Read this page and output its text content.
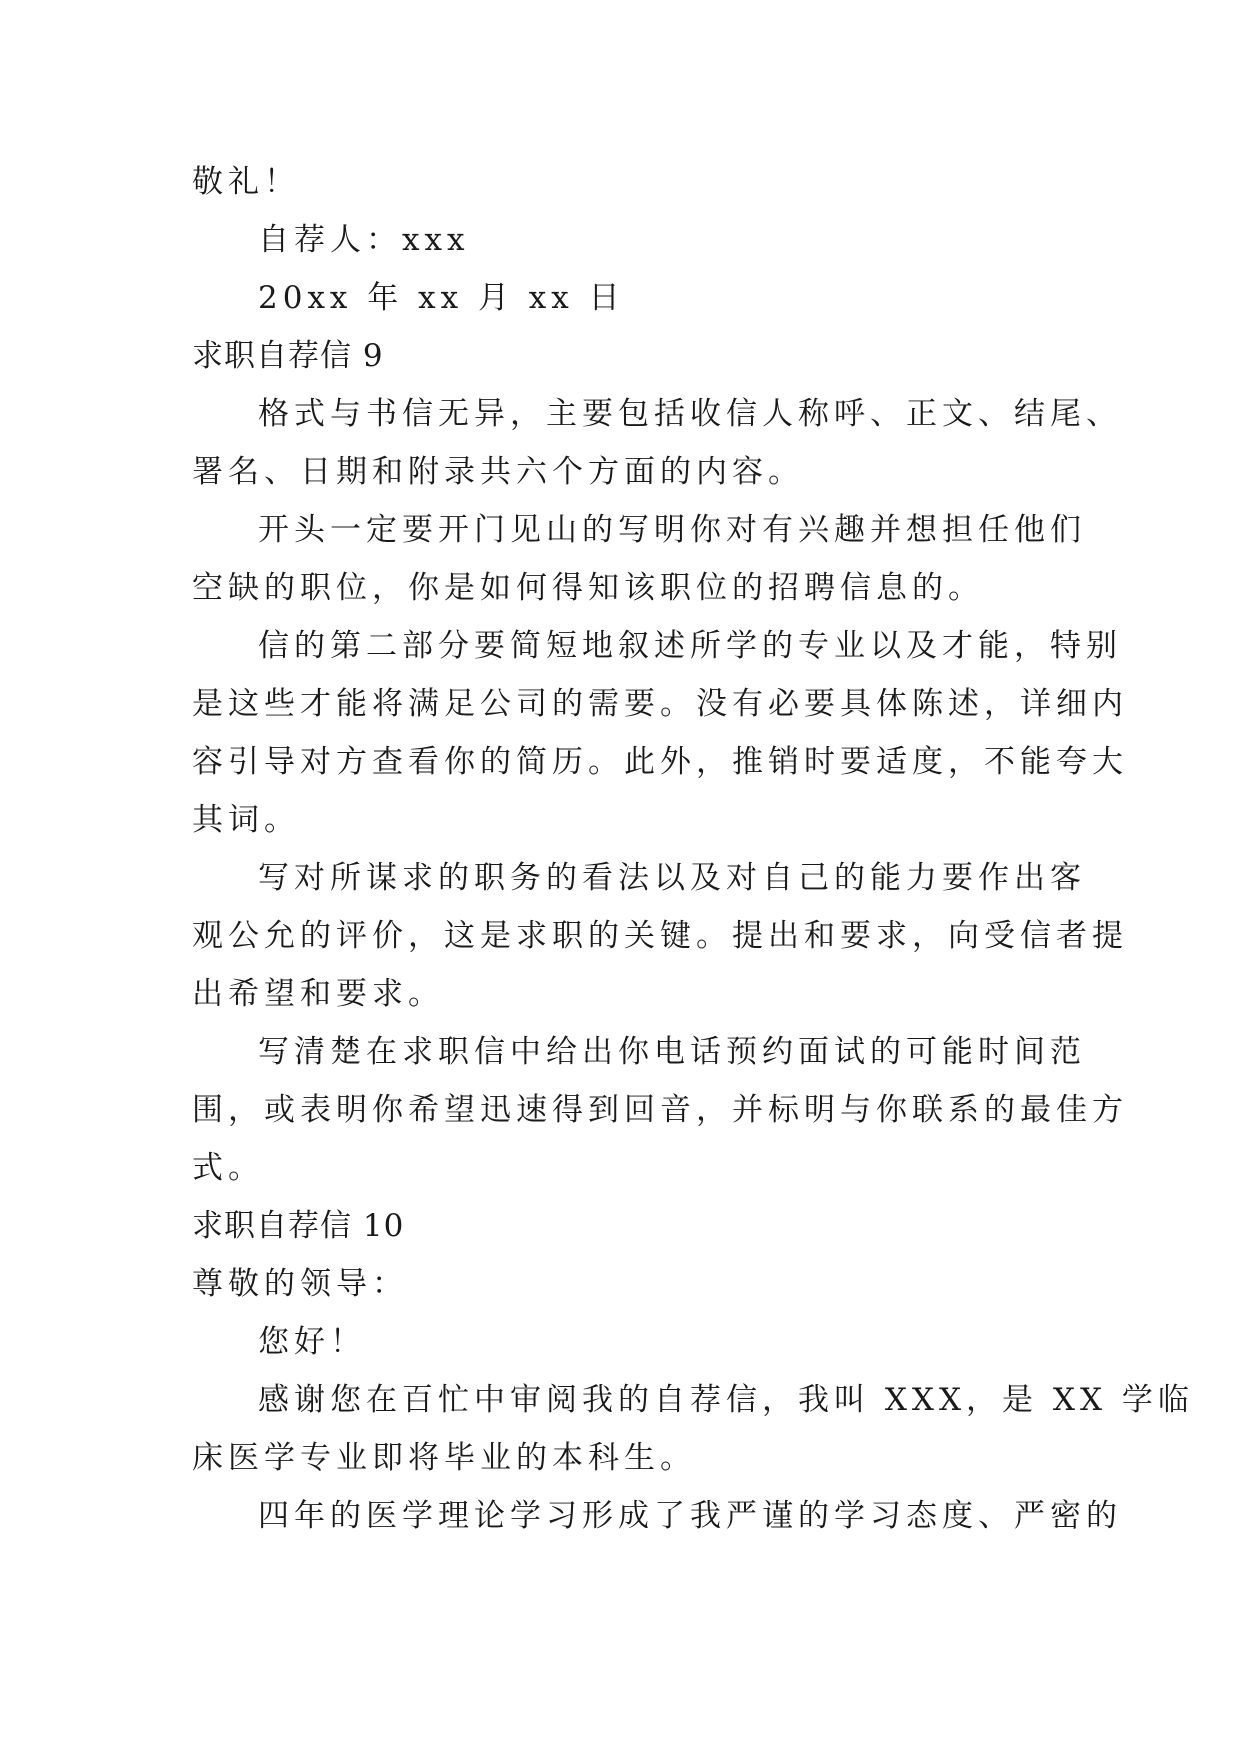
敬礼！
自荐人：xxx
20xx 年 xx 月 xx 日
求职自荐信 9
格式与书信无异，主要包括收信人称呼、正文、结尾、
署名、日期和附录共六个方面的内容。
开头一定要开门见山的写明你对有兴趣并想担任他们
空缺的职位，你是如何得知该职位的招聘信息的。
信的第二部分要简短地叙述所学的专业以及才能，特别
是这些才能将满足公司的需要。没有必要具体陈述，详细内
容引导对方查看你的简历。此外，推销时要适度，不能夸大
其词。
写对所谋求的职务的看法以及对自己的能力要作出客
观公允的评价，这是求职的关键。提出和要求，向受信者提
出希望和要求。
写清楚在求职信中给出你电话预约面试的可能时间范
围，或表明你希望迅速得到回音，并标明与你联系的最佳方
式。
求职自荐信 10
尊敬的领导：
您好！
感谢您在百忙中审阅我的自荐信，我叫 XXX，是 XX 学临
床医学专业即将毕业的本科生。
四年的医学理论学习形成了我严谨的学习态度、严密的
